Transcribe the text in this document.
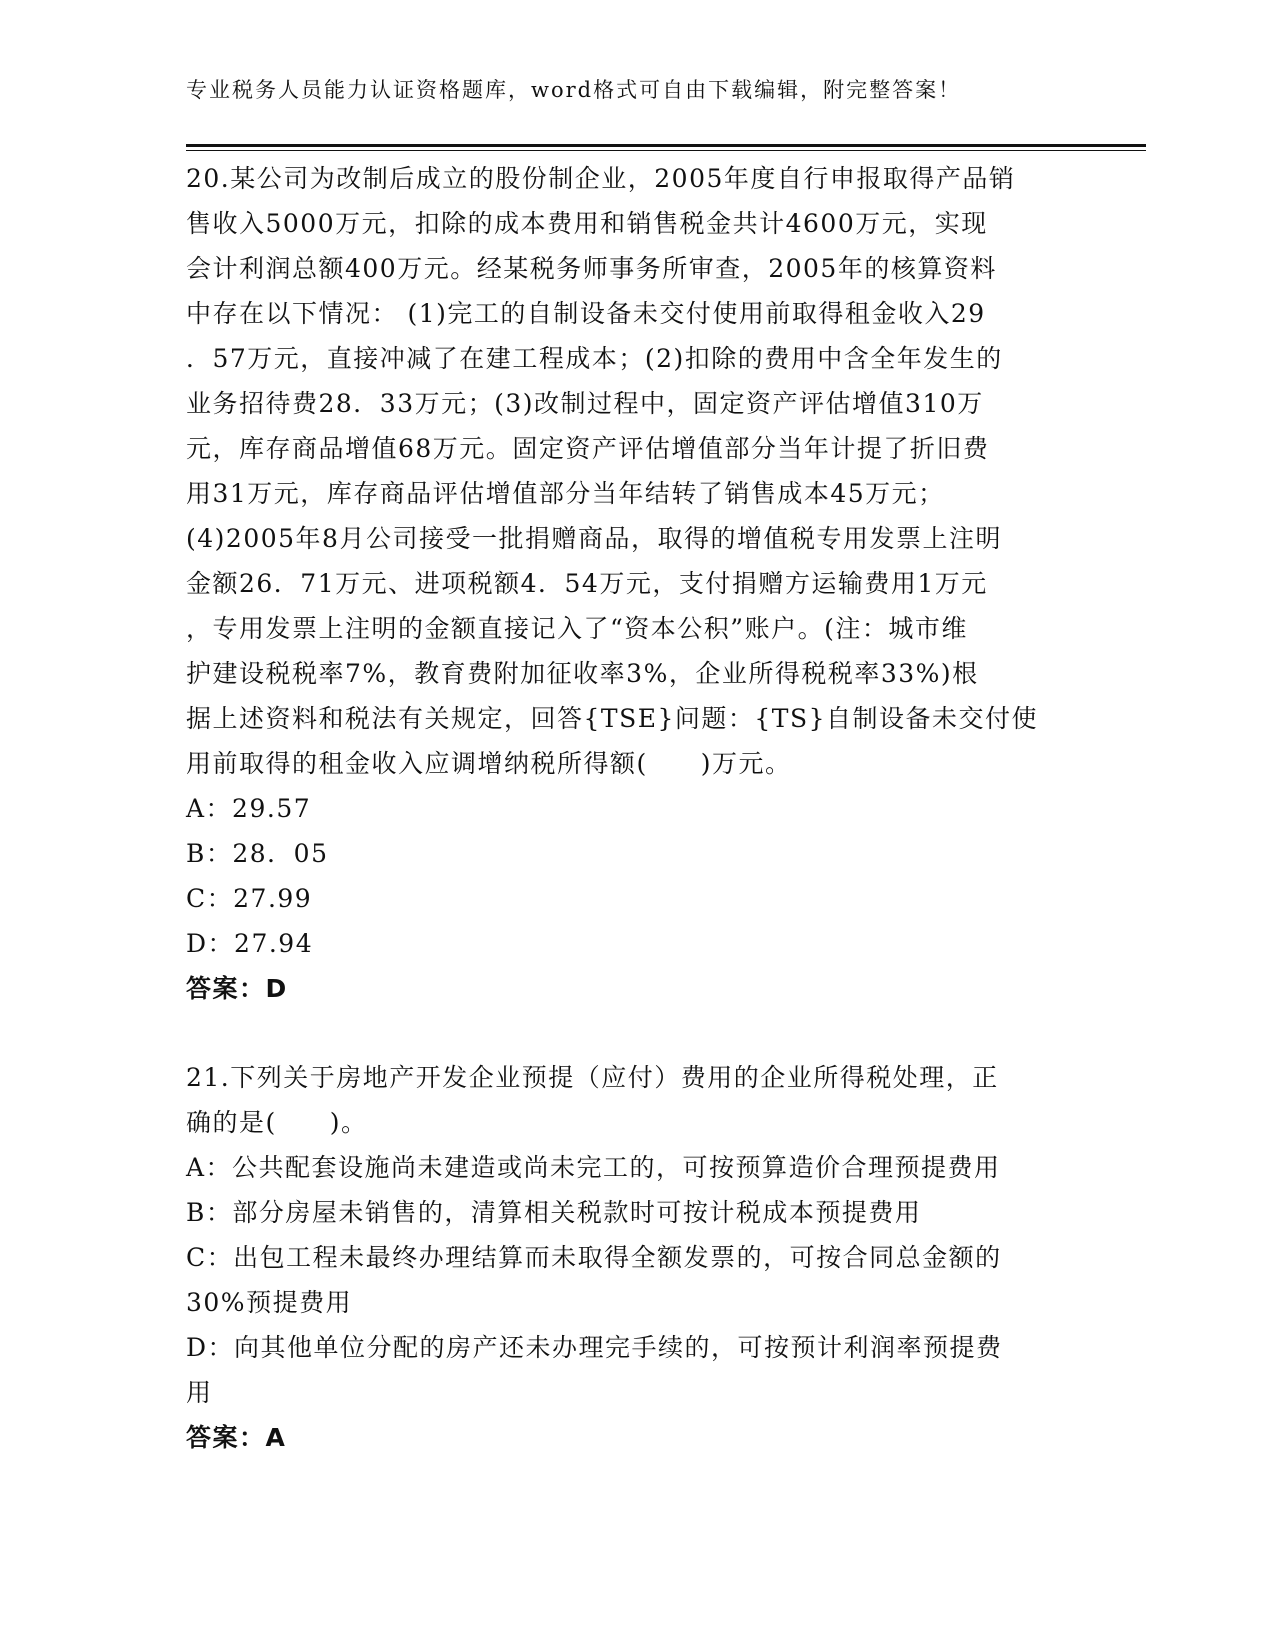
专业税务人员能力认证资格题库，word格式可自由下载编辑，附完整答案！
20.某公司为改制后成立的股份制企业，2005年度自行申报取得产品销
售收入5000万元，扣除的成本费用和销售税金共计4600万元，实现
会计利润总额400万元。经某税务师事务所审查，2005年的核算资料
中存在以下情况： (1)完工的自制设备未交付使用前取得租金收入29
．57万元，直接冲减了在建工程成本；(2)扣除的费用中含全年发生的
业务招待费28．33万元；(3)改制过程中，固定资产评估增值310万
元，库存商品增值68万元。固定资产评估增值部分当年计提了折旧费
用31万元，库存商品评估增值部分当年结转了销售成本45万元；
(4)2005年8月公司接受一批捐赠商品，取得的增值税专用发票上注明
金额26．71万元、进项税额4．54万元，支付捐赠方运输费用1万元
，专用发票上注明的金额直接记入了“资本公积”账户。(注：城市维
护建设税税率7%，教育费附加征收率3%，企业所得税税率33%)根
据上述资料和税法有关规定，回答{TSE}问题：{TS}自制设备未交付使
用前取得的租金收入应调增纳税所得额(　　)万元。
A：29.57
B：28．05
C：27.99
D：27.94
答案：D
21.下列关于房地产开发企业预提（应付）费用的企业所得税处理，正
确的是(　　)。
A：公共配套设施尚未建造或尚未完工的，可按预算造价合理预提费用
B：部分房屋未销售的，清算相关税款时可按计税成本预提费用
C：出包工程未最终办理结算而未取得全额发票的，可按合同总金额的
30%预提费用
D：向其他单位分配的房产还未办理完手续的，可按预计利润率预提费
用
答案：A
